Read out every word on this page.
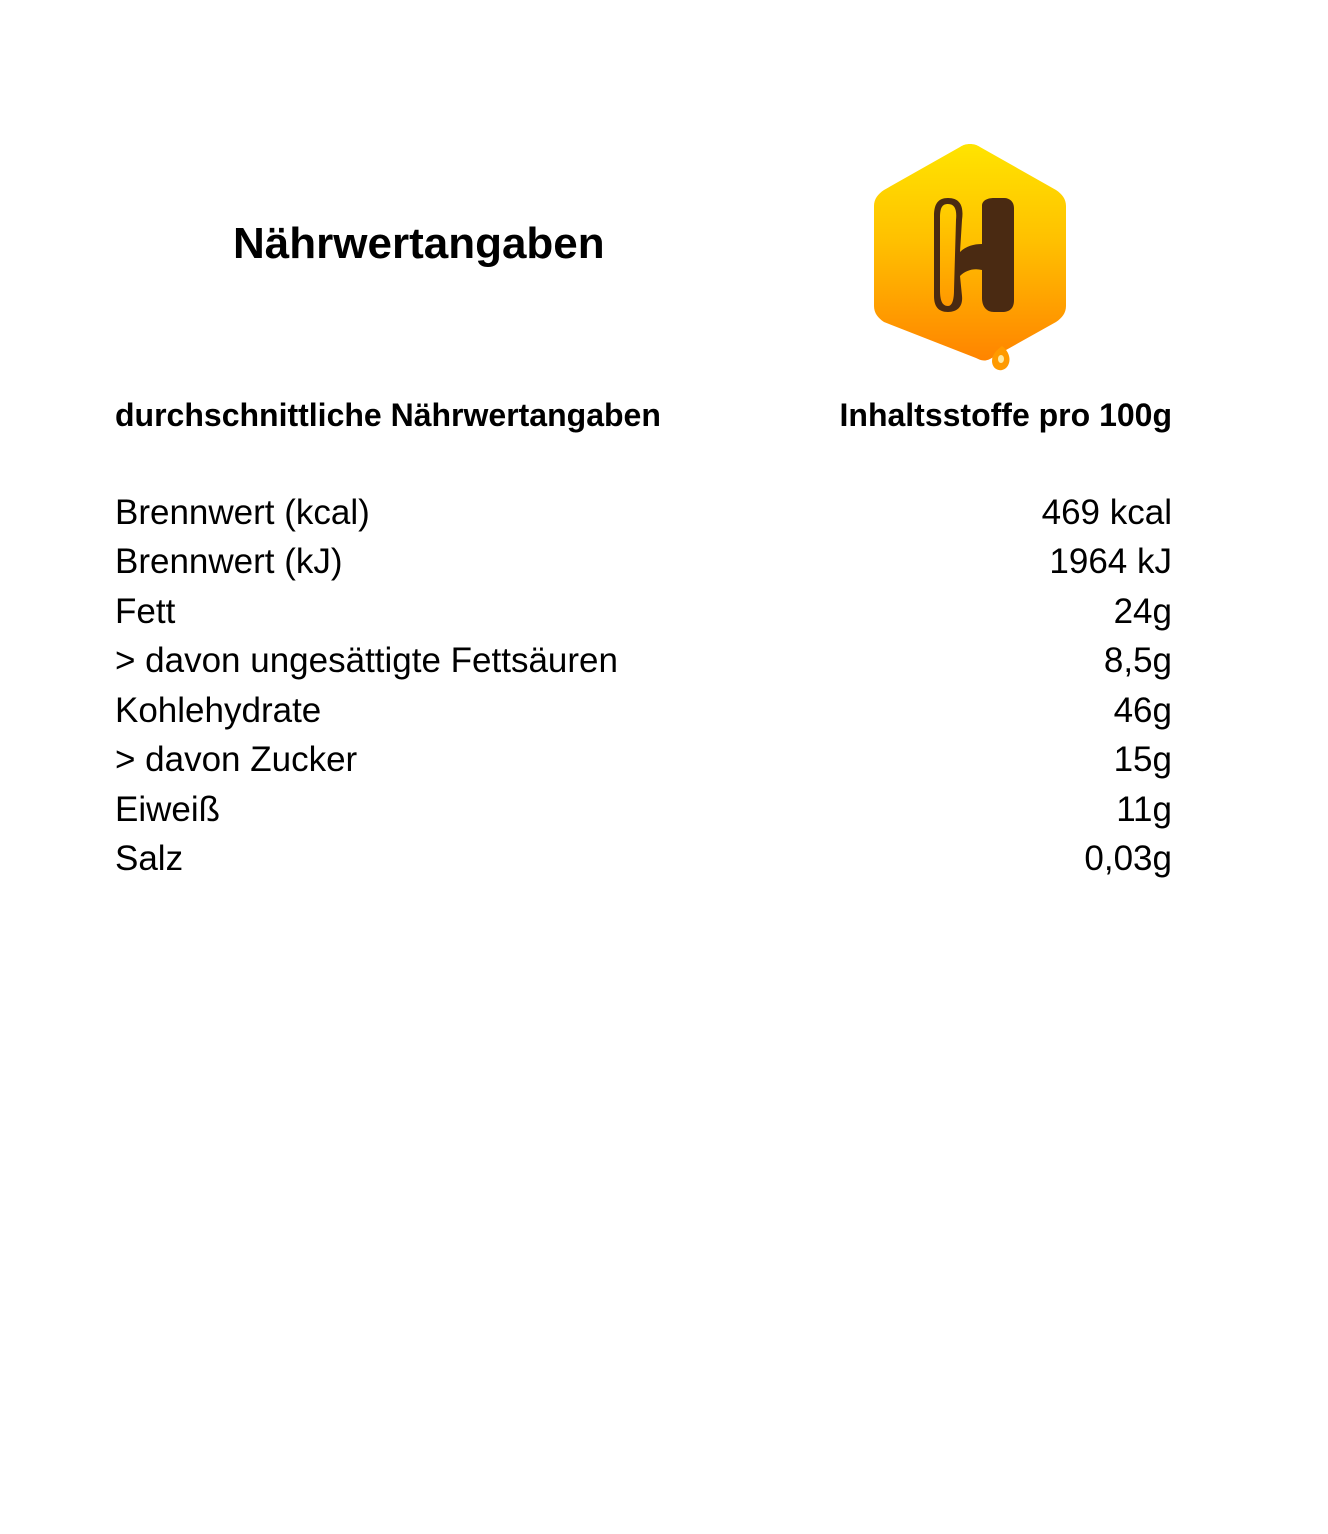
Nährwertangaben
durchschnittliche Nährwertangaben	Inhaltsstoffe pro 100g
Brennwert (kcal)	469 kcal
Brennwert (kJ)	1964 kJ
Fett	24g
> davon ungesättigte Fettsäuren	8,5g
Kohlehydrate	46g
> davon Zucker	15g
Eiweiß	11g
Salz	0,03g
